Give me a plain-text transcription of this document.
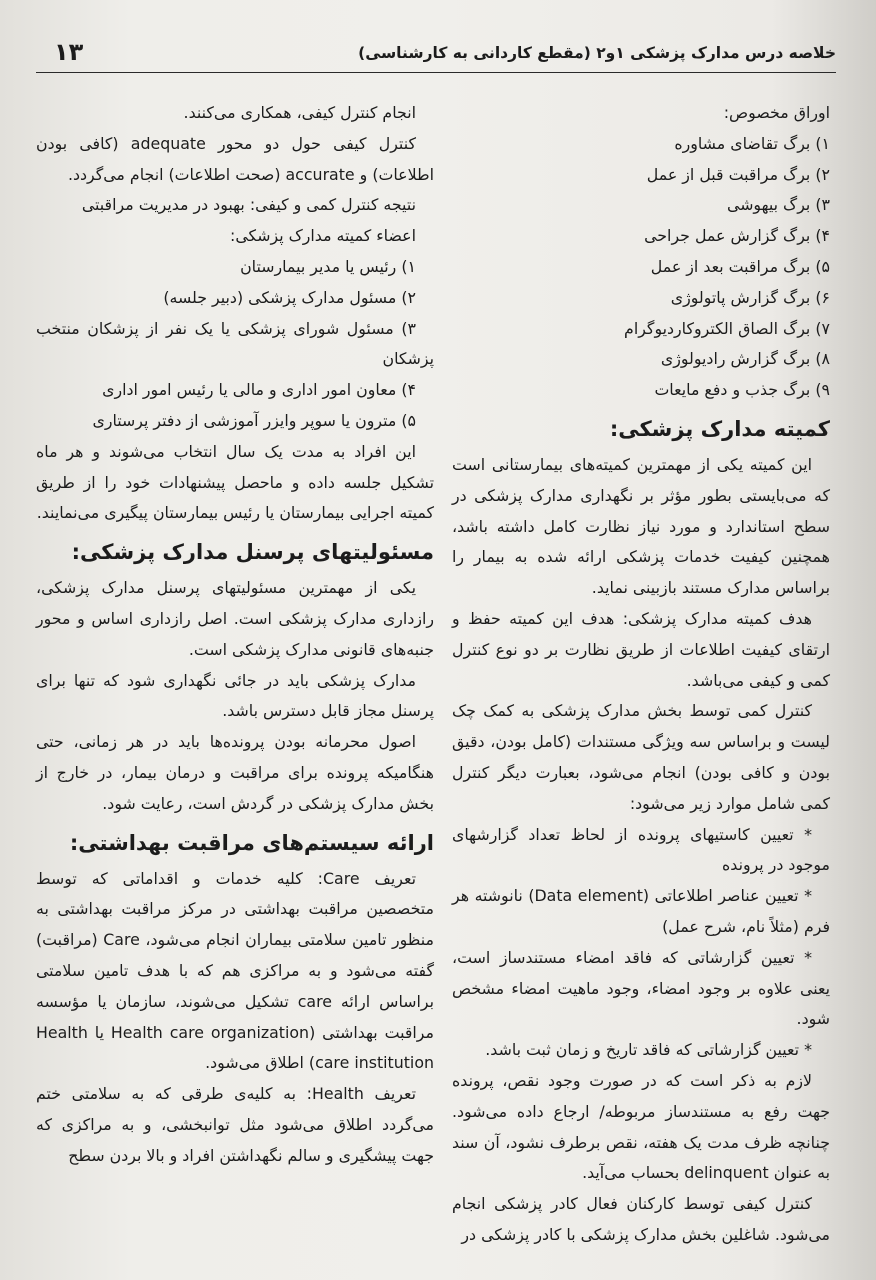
۱۳	خلاصه درس مدارک پزشکی ۱و۲ (مقطع کاردانی به کارشناسی)

اوراق مخصوص:

۱) برگ تقاضای مشاوره

۲) برگ مراقبت قبل از عمل

۳) برگ بیهوشی

۴) برگ گزارش عمل جراحی

۵) برگ مراقبت بعد از عمل

۶) برگ گزارش پاتولوژی

۷) برگ الصاق الکتروکاردیوگرام

۸) برگ گزارش رادیولوژی

۹) برگ جذب و دفع مایعات

کمیته مدارک پزشکی:

این کمیته یکی از مهمترین کمیته‌های بیمارستانی است که می‌بایستی بطور مؤثر بر نگهداری مدارک پزشکی در سطح استاندارد و مورد نیاز نظارت کامل داشته باشد، همچنین کیفیت خدمات پزشکی ارائه شده به بیمار را براساس مدارک مستند بازبینی نماید.

هدف کمیته مدارک پزشکی: هدف این کمیته حفظ و ارتقای کیفیت اطلاعات از طریق نظارت بر دو نوع کنترل کمی و کیفی می‌باشد.

کنترل کمی توسط بخش مدارک پزشکی به کمک چک لیست و براساس سه ویژگی مستندات (کامل بودن، دقیق بودن و کافی بودن) انجام می‌شود، بعبارت دیگر کنترل کمی شامل موارد زیر می‌شود:

* تعیین کاستیهای پرونده از لحاظ تعداد گزارشهای موجود در پرونده

* تعیین عناصر اطلاعاتی (Data element) نانوشته هر فرم (مثلاً نام، شرح عمل)

* تعیین گزارشاتی که فاقد امضاء مستندساز است، یعنی علاوه بر وجود امضاء، وجود ماهیت امضاء مشخص شود.

* تعیین گزارشاتی که فاقد تاریخ و زمان ثبت باشد.

لازم به ذکر است که در صورت وجود نقص، پرونده جهت رفع به مستندساز مربوطه/ ارجاع داده می‌شود. چنانچه ظرف مدت یک هفته، نقص برطرف نشود، آن سند به عنوان delinquent بحساب می‌آید.

کنترل کیفی توسط کارکنان فعال کادر پزشکی انجام می‌شود. شاغلین بخش مدارک پزشکی با کادر پزشکی در

انجام کنترل کیفی، همکاری می‌کنند.

کنترل کیفی حول دو محور adequate (کافی بودن اطلاعات) و accurate (صحت اطلاعات) انجام می‌گردد.

نتیجه کنترل کمی و کیفی: بهبود در مدیریت مراقبتی

اعضاء کمیته مدارک پزشکی:

۱) رئیس یا مدیر بیمارستان

۲) مسئول مدارک پزشکی (دبیر جلسه)

۳) مسئول شورای پزشکی یا یک نفر از پزشکان منتخب پزشکان

۴) معاون امور اداری و مالی یا رئیس امور اداری

۵) مترون یا سوپر وایزر آموزشی از دفتر پرستاری

این افراد به مدت یک سال انتخاب می‌شوند و هر ماه تشکیل جلسه داده و ماحصل پیشنهادات خود را از طریق کمیته اجرایی بیمارستان یا رئیس بیمارستان پیگیری می‌نمایند.

مسئولیتهای پرسنل مدارک پزشکی:

یکی از مهمترین مسئولیتهای پرسنل مدارک پزشکی، رازداری مدارک پزشکی است. اصل رازداری اساس و محور جنبه‌های قانونی مدارک پزشکی است.

مدارک پزشکی باید در جائی نگهداری شود که تنها برای پرسنل مجاز قابل دسترس باشد.

اصول محرمانه بودن پرونده‌ها باید در هر زمانی، حتی هنگامیکه پرونده برای مراقبت و درمان بیمار، در خارج از بخش مدارک پزشکی در گردش است، رعایت شود.

ارائه سیستم‌های مراقبت بهداشتی:

تعریف Care: کلیه خدمات و اقداماتی که توسط متخصصین مراقبت بهداشتی در مرکز مراقبت بهداشتی به منظور تامین سلامتی بیماران انجام می‌شود، Care (مراقبت) گفته می‌شود و به مراکزی هم که با هدف تامین سلامتی براساس ارائه care تشکیل می‌شوند، سازمان یا مؤسسه مراقبت بهداشتی (Health care organization یا Health care institution) اطلاق می‌شود.

تعریف Health: به کلیه‌ی طرقی که به سلامتی ختم می‌گردد اطلاق می‌شود مثل توانبخشی، و به مراکزی که جهت پیشگیری و سالم نگهداشتن افراد و بالا بردن سطح
